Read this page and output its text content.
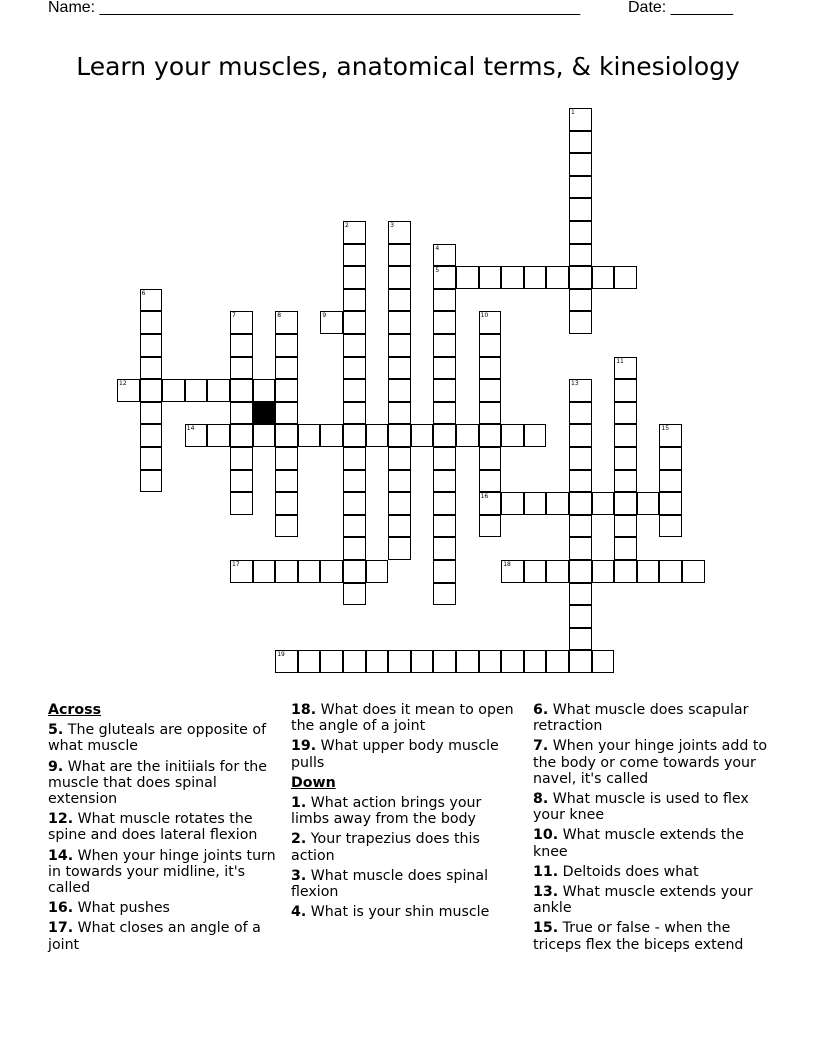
Name: ______________________________________________________	Date: _______
Learn your muscles, anatomical terms, & kinesiology
1
2	3
4
5
6
7	8	9	10
16
11
12	13
14	15
17	18
19
Across
5. The gluteals are opposite of what muscle
9. What are the initiials for the muscle that does spinal extension
12. What muscle rotates the spine and does lateral flexion
14. When your hinge joints turn in towards your midline, it's called
16. What pushes
17. What closes an angle of a joint
18. What does it mean to open the angle of a joint
19. What upper body muscle pulls
Down
1. What action brings your limbs away from the body
2. Your trapezius does this action
3. What muscle does spinal flexion
4. What is your shin muscle
6. What muscle does scapular retraction
7. When your hinge joints add to the body or come towards your navel, it's called
8. What muscle is used to flex your knee
10. What muscle extends the knee
11. Deltoids does what
13. What muscle extends your ankle
15. True or false - when the triceps flex the biceps extend
